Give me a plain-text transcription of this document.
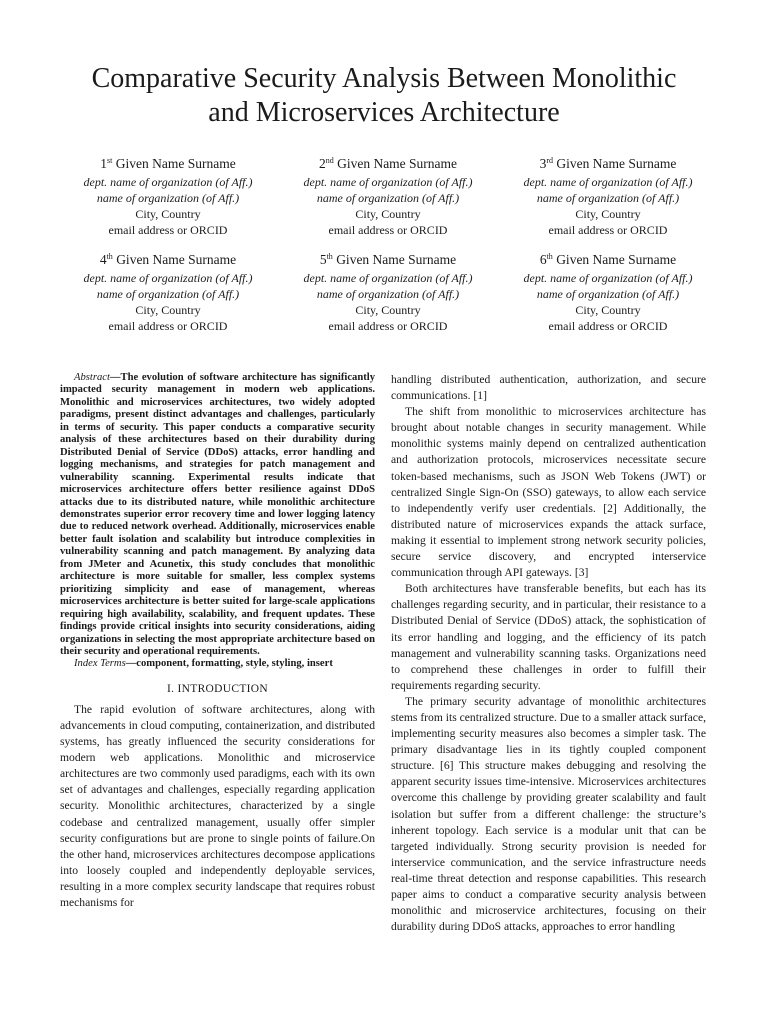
Comparative Security Analysis Between Monolithic
and Microservices Architecture
1st Given Name Surname
dept. name of organization (of Aff.)
name of organization (of Aff.)
City, Country
email address or ORCID
2nd Given Name Surname
dept. name of organization (of Aff.)
name of organization (of Aff.)
City, Country
email address or ORCID
3rd Given Name Surname
dept. name of organization (of Aff.)
name of organization (of Aff.)
City, Country
email address or ORCID
4th Given Name Surname
dept. name of organization (of Aff.)
name of organization (of Aff.)
City, Country
email address or ORCID
5th Given Name Surname
dept. name of organization (of Aff.)
name of organization (of Aff.)
City, Country
email address or ORCID
6th Given Name Surname
dept. name of organization (of Aff.)
name of organization (of Aff.)
City, Country
email address or ORCID

Abstract—The evolution of software architecture has significantly impacted security management in modern web applications. Monolithic and microservices architectures, two widely adopted paradigms, present distinct advantages and challenges, particularly in terms of security. This paper conducts a comparative security analysis of these architectures based on their durability during Distributed Denial of Service (DDoS) attacks, error handling and logging mechanisms, and strategies for patch management and vulnerability scanning. Experimental results indicate that microservices architecture offers better resilience against DDoS attacks due to its distributed nature, while monolithic architecture demonstrates superior error recovery time and lower logging latency due to reduced network overhead. Additionally, microservices enable better fault isolation and scalability but introduce complexities in vulnerability scanning and patch management. By analyzing data from JMeter and Acunetix, this study concludes that monolithic architecture is more suitable for smaller, less complex systems prioritizing simplicity and ease of management, whereas microservices architecture is better suited for large-scale applications requiring high availability, scalability, and frequent updates. These findings provide critical insights into security considerations, aiding organizations in selecting the most appropriate architecture based on their security and operational requirements.

Index Terms—component, formatting, style, styling, insert

I. INTRODUCTION

The rapid evolution of software architectures, along with advancements in cloud computing, containerization, and distributed systems, has greatly influenced the security considerations for modern web applications. Monolithic and microservice architectures are two commonly used paradigms, each with its own set of advantages and challenges, especially regarding application security. Monolithic architectures, characterized by a single codebase and centralized management, usually offer simpler security configurations but are prone to single points of failure.On the other hand, microservices architectures decompose applications into loosely coupled and independently deployable services, resulting in a more complex security landscape that requires robust mechanisms for

handling distributed authentication, authorization, and secure communications. [1]

The shift from monolithic to microservices architecture has brought about notable changes in security management. While monolithic systems mainly depend on centralized authentication and authorization protocols, microservices necessitate secure token-based mechanisms, such as JSON Web Tokens (JWT) or centralized Single Sign-On (SSO) gateways, to allow each service to independently verify user credentials. [2] Additionally, the distributed nature of microservices expands the attack surface, making it essential to implement strong network security policies, secure service discovery, and encrypted interservice communication through API gateways. [3]

Both architectures have transferable benefits, but each has its challenges regarding security, and in particular, their resistance to a Distributed Denial of Service (DDoS) attack, the sophistication of its error handling and logging, and the efficiency of its patch management and vulnerability scanning tasks. Organizations need to comprehend these challenges in order to fulfill their requirements regarding security.

The primary security advantage of monolithic architectures stems from its centralized structure. Due to a smaller attack surface, implementing security measures also becomes a simpler task. The primary disadvantage lies in its tightly coupled component structure. [6] This structure makes debugging and resolving the apparent security issues time-intensive. Microservices architectures overcome this challenge by providing greater scalability and fault isolation but suffer from a different challenge: the structure’s inherent topology. Each service is a modular unit that can be targeted individually. Strong security provision is needed for interservice communication, and the service infrastructure needs real-time threat detection and response capabilities. This research paper aims to conduct a comparative security analysis between monolithic and microservice architectures, focusing on their durability during DDoS attacks, approaches to error handling
